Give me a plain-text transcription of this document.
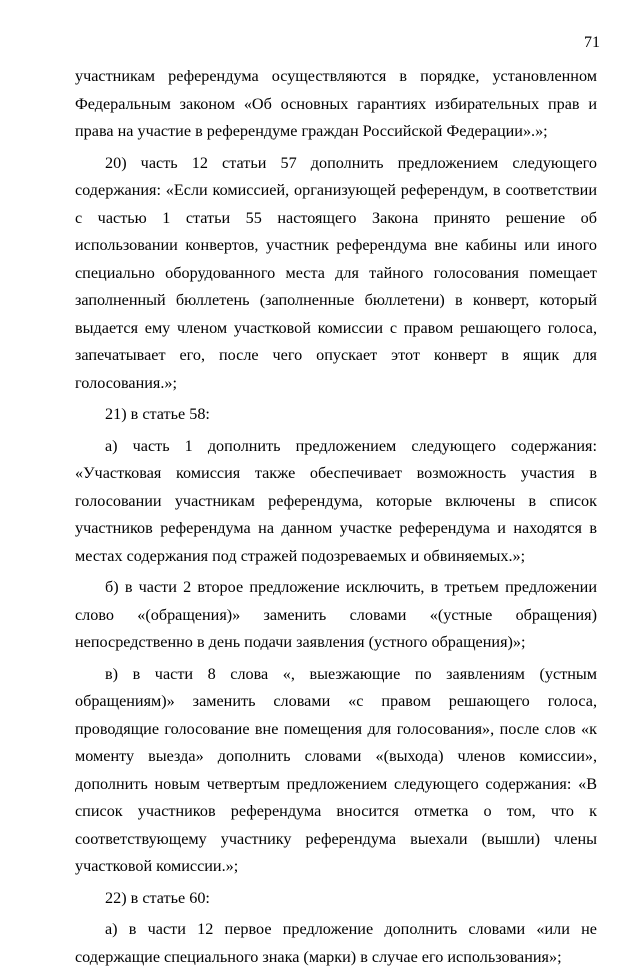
71

участникам референдума осуществляются в порядке, установленном Федеральным законом «Об основных гарантиях избирательных прав и права на участие в референдуме граждан Российской Федерации».»;

20) часть 12 статьи 57 дополнить предложением следующего содержания: «Если комиссией, организующей референдум, в соответствии с частью 1 статьи 55 настоящего Закона принято решение об использовании конвертов, участник референдума вне кабины или иного специально оборудованного места для тайного голосования помещает заполненный бюллетень (заполненные бюллетени) в конверт, который выдается ему членом участковой комиссии с правом решающего голоса, запечатывает его, после чего опускает этот конверт в ящик для голосования.»;

21) в статье 58:

а) часть 1 дополнить предложением следующего содержания: «Участковая комиссия также обеспечивает возможность участия в голосовании участникам референдума, которые включены в список участников референдума на данном участке референдума и находятся в местах содержания под стражей подозреваемых и обвиняемых.»;

б) в части 2 второе предложение исключить, в третьем предложении слово «(обращения)» заменить словами «(устные обращения) непосредственно в день подачи заявления (устного обращения)»;

в) в части 8 слова «, выезжающие по заявлениям (устным обращениям)» заменить словами «с правом решающего голоса, проводящие голосование вне помещения для голосования», после слов «к моменту выезда» дополнить словами «(выхода) членов комиссии», дополнить новым четвертым предложением следующего содержания: «В список участников референдума вносится отметка о том, что к соответствующему участнику референдума выехали (вышли) члены участковой комиссии.»;

22) в статье 60:

а) в части 12 первое предложение дополнить словами «или не содержащие специального знака (марки) в случае его использования»;
